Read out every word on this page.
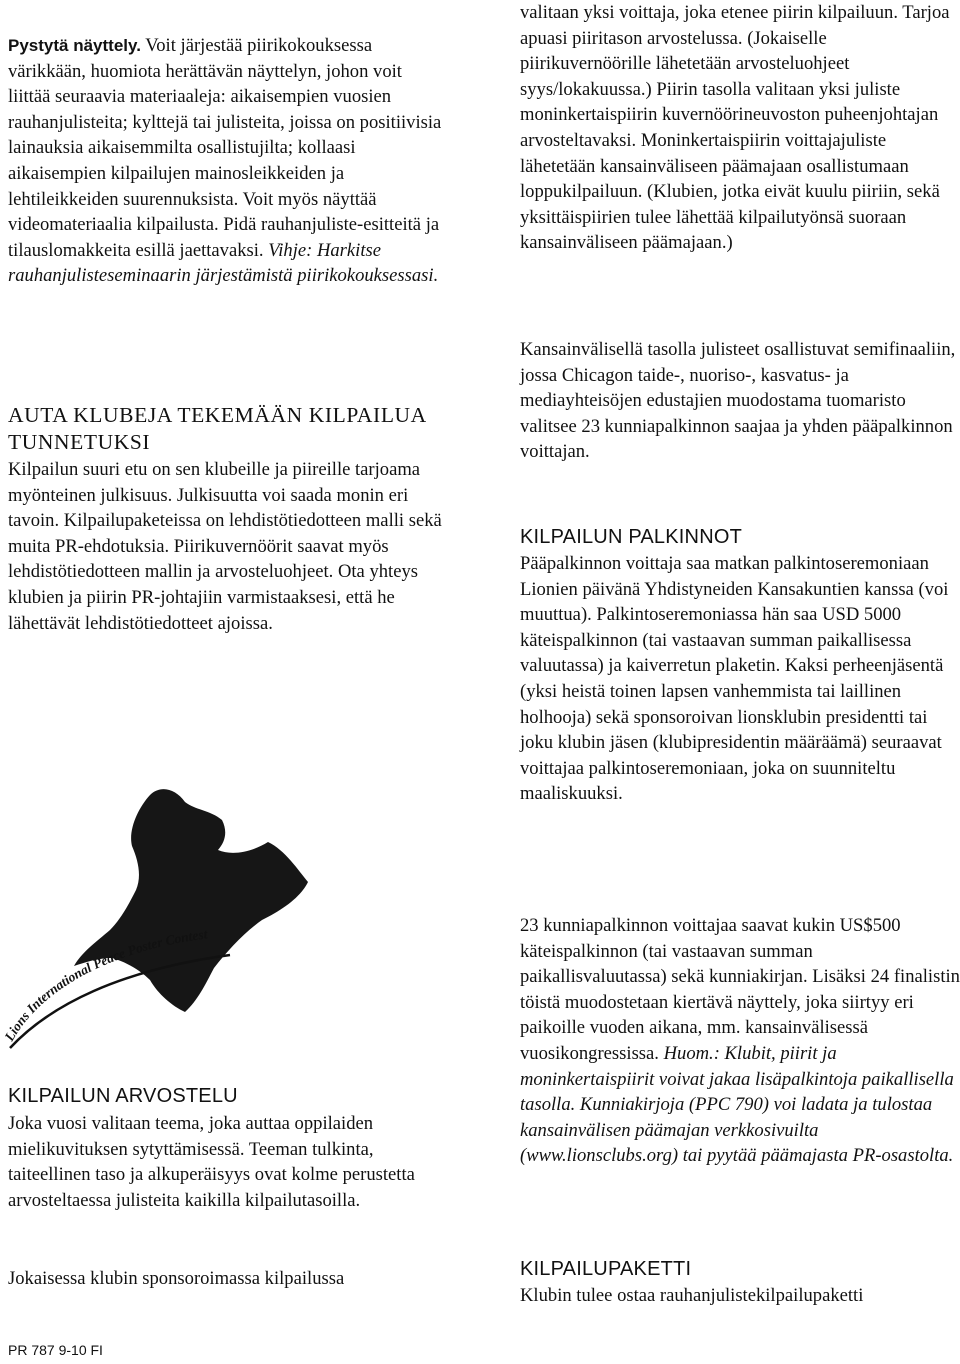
Pystytä näyttely. Voit järjestää piirikokouksessa värikkään, huomiota herättävän näyttelyn, johon voit liittää seuraavia materiaaleja: aikaisempien vuosien rauhanjulisteita; kylttejä tai julisteita, joissa on positiivisia lainauksia aikaisemmilta osallistujilta; kollaasi aikaisempien kilpailujen mainosleikkeiden ja lehtileikkeiden suurennuksista. Voit myös näyttää videomateriaalia kilpailusta. Pidä rauhanjuliste-esitteitä ja tilauslomakkeita esillä jaettavaksi. Vihje: Harkitse rauhanjulisteseminaarin järjestämistä piirikokouksessasi.

AUTA KLUBEJA TEKEMÄÄN KILPAILUA TUNNETUKSI

Kilpailun suuri etu on sen klubeille ja piireille tarjoama myönteinen julkisuus. Julkisuutta voi saada monin eri tavoin. Kilpailupaketeissa on lehdistötiedotteen malli sekä muita PR-ehdotuksia. Piirikuvernöörit saavat myös lehdistötiedotteen mallin ja arvosteluohjeet. Ota yhteys klubien ja piirin PR-johtajiin varmistaaksesi, että he lähettävät lehdistötiedotteet ajoissa.

KILPAILUN ARVOSTELU

Joka vuosi valitaan teema, joka auttaa oppilaiden mielikuvituksen sytyttämisessä. Teeman tulkinta, taiteellinen taso ja alkuperäisyys ovat kolme perustetta arvosteltaessa julisteita kaikilla kilpailutasoilla.

Jokaisessa klubin sponsoroimassa kilpailussa

Lions International Peace Poster Contest

valitaan yksi voittaja, joka etenee piirin kilpailuun. Tarjoa apuasi piiritason arvostelussa. (Jokaiselle piirikuvernöörille lähetetään arvosteluohjeet syys/lokakuussa.) Piirin tasolla valitaan yksi juliste moninkertaispiirin kuvernöörineuvoston puheenjohtajan arvosteltavaksi. Moninkertaispiirin voittajajuliste lähetetään kansainväliseen päämajaan osallistumaan loppukilpailuun. (Klubien, jotka eivät kuulu piiriin, sekä yksittäispiirien tulee lähettää kilpailutyönsä suoraan kansainväliseen päämajaan.)

Kansainvälisellä tasolla julisteet osallistuvat semifinaaliin, jossa Chicagon taide-, nuoriso-, kasvatus- ja mediayhteisöjen edustajien muodostama tuomaristo valitsee 23 kunniapalkinnon saajaa ja yhden pääpalkinnon voittajan.

KILPAILUN PALKINNOT

Pääpalkinnon voittaja saa matkan palkintoseremoniaan Lionien päivänä Yhdistyneiden Kansakuntien kanssa (voi muuttua). Palkintoseremoniassa hän saa USD 5000 käteispalkinnon (tai vastaavan summan paikallisessa valuutassa) ja kaiverretun plaketin. Kaksi perheenjäsentä (yksi heistä toinen lapsen vanhemmista tai laillinen holhooja) sekä sponsoroivan lionsklubin presidentti tai joku klubin jäsen (klubipresidentin määräämä) seuraavat voittajaa palkintoseremoniaan, joka on suunniteltu maaliskuuksi.

23 kunniapalkinnon voittajaa saavat kukin US$500 käteispalkinnon (tai vastaavan summan paikallisvaluutassa) sekä kunniakirjan. Lisäksi 24 finalistin töistä muodostetaan kiertävä näyttely, joka siirtyy eri paikoille vuoden aikana, mm. kansainvälisessä vuosikongressissa. Huom.: Klubit, piirit ja moninkertaispiirit voivat jakaa lisäpalkintoja paikallisella tasolla. Kunniakirjoja (PPC 790) voi ladata ja tulostaa kansainvälisen päämajan verkkosivuilta (www.lionsclubs.org) tai pyytää päämajasta PR-osastolta.

KILPAILUPAKETTI

Klubin tulee ostaa rauhanjulistekilpailupaketti

PR 787 9-10 FI
